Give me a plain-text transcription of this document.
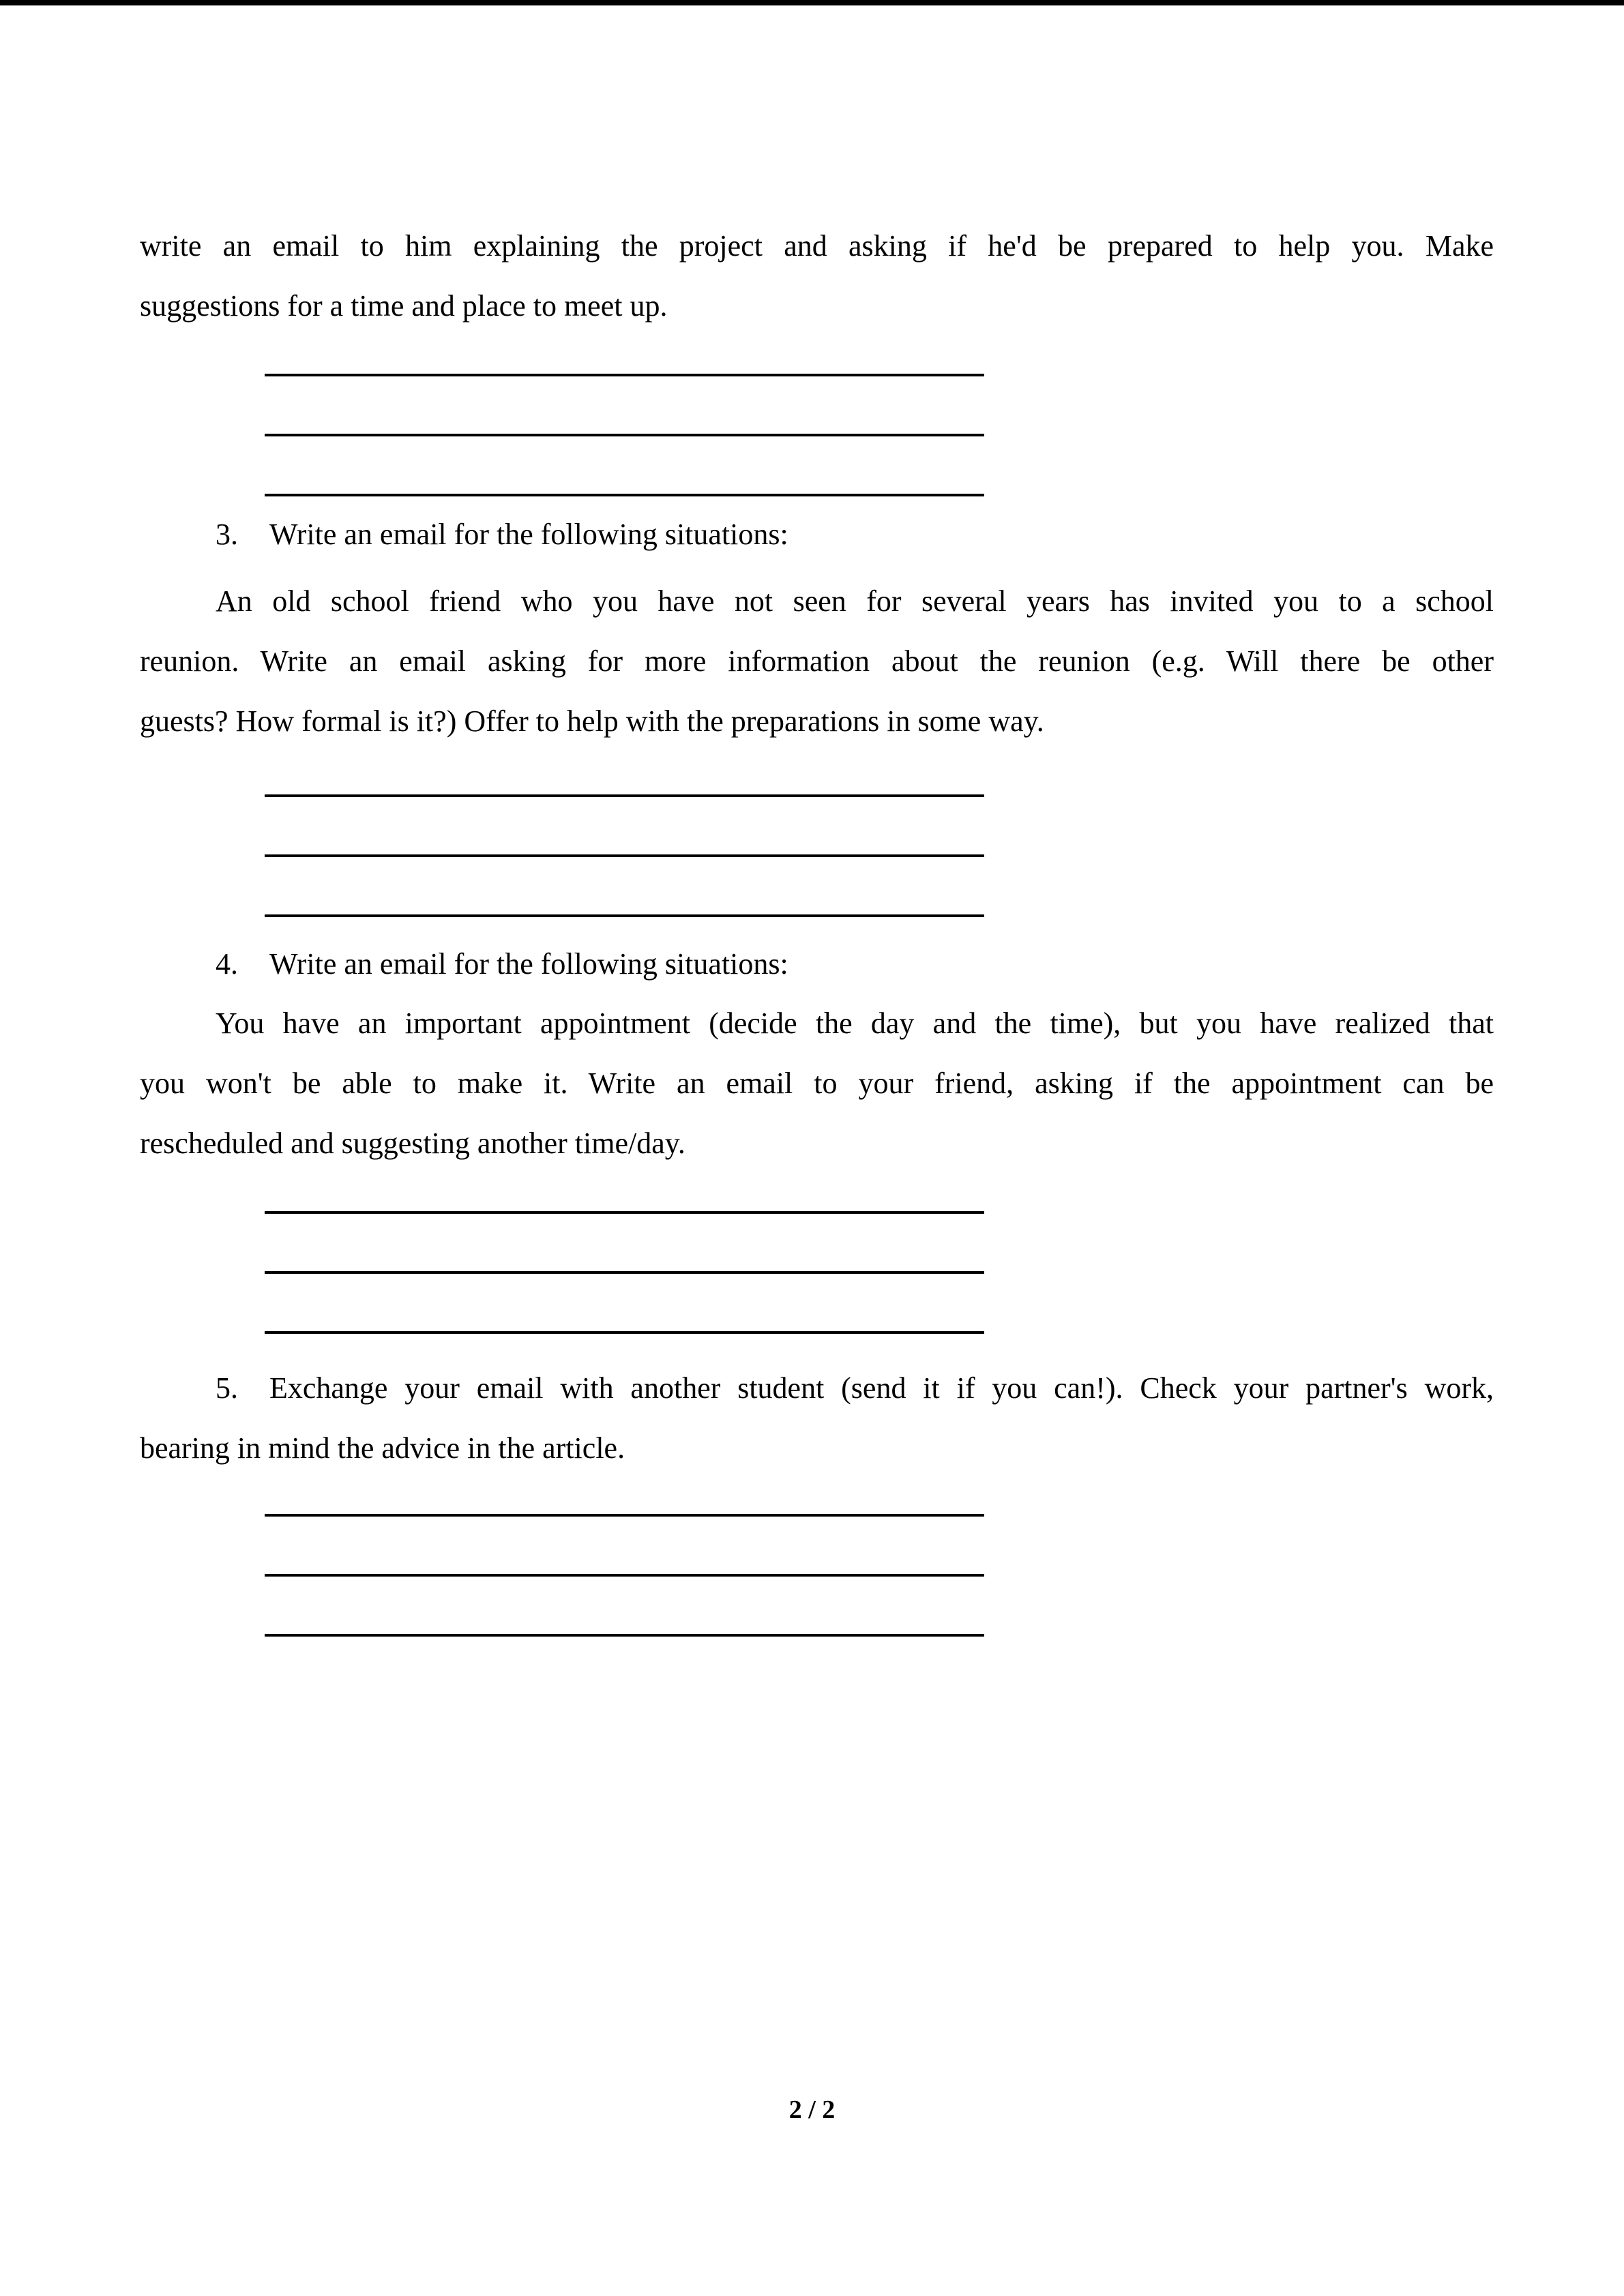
write an email to him explaining the project and asking if he'd be prepared to help you. Make
suggestions for a time and place to meet up.
3. Write an email for the following situations:
An old school friend who you have not seen for several years has invited you to a school
reunion. Write an email asking for more information about the reunion (e.g. Will there be other
guests? How formal is it?) Offer to help with the preparations in some way.
4. Write an email for the following situations:
You have an important appointment (decide the day and the time), but you have realized that
you won't be able to make it. Write an email to your friend, asking if the appointment can be
rescheduled and suggesting another time/day.
5. Exchange your email with another student (send it if you can!). Check your partner's work,
bearing in mind the advice in the article.
2 / 2
